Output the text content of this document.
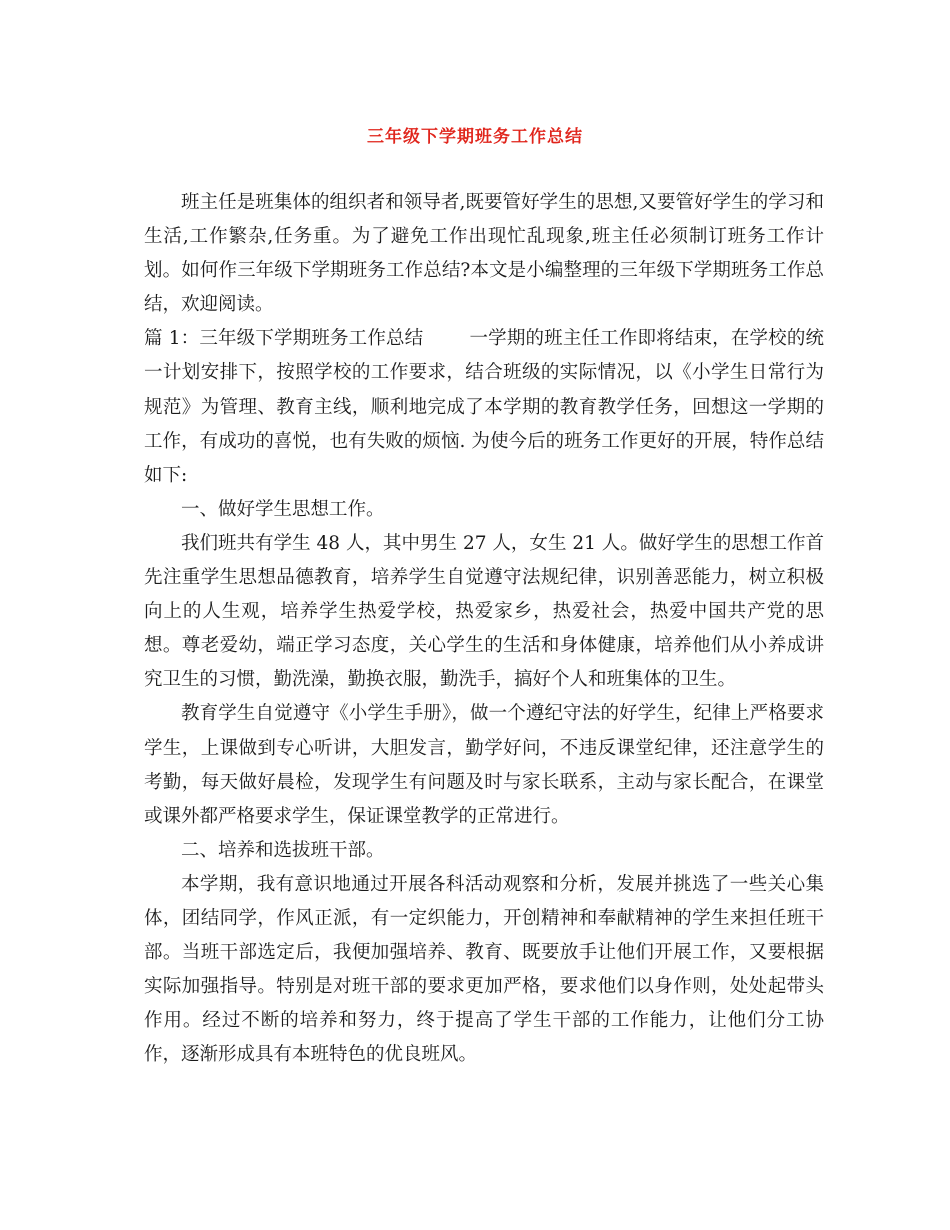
三年级下学期班务工作总结

班主任是班集体的组织者和领导者,既要管好学生的思想,又要管好学生的学习和生活,工作繁杂,任务重。为了避免工作出现忙乱现象,班主任必须制订班务工作计划。如何作三年级下学期班务工作总结?本文是小编整理的三年级下学期班务工作总结，欢迎阅读。

篇 1：三年级下学期班务工作总结 一学期的班主任工作即将结束，在学校的统一计划安排下，按照学校的工作要求，结合班级的实际情况，以《小学生日常行为规范》为管理、教育主线，顺利地完成了本学期的教育教学任务，回想这一学期的工作，有成功的喜悦，也有失败的烦恼. 为使今后的班务工作更好的开展，特作总结如下:

一、做好学生思想工作。

我们班共有学生 48 人，其中男生 27 人，女生 21 人。做好学生的思想工作首先注重学生思想品德教育，培养学生自觉遵守法规纪律，识别善恶能力，树立积极向上的人生观，培养学生热爱学校，热爱家乡，热爱社会，热爱中国共产党的思想。尊老爱幼，端正学习态度，关心学生的生活和身体健康，培养他们从小养成讲究卫生的习惯，勤洗澡，勤换衣服，勤洗手，搞好个人和班集体的卫生。

教育学生自觉遵守《小学生手册》，做一个遵纪守法的好学生，纪律上严格要求学生，上课做到专心听讲，大胆发言，勤学好问，不违反课堂纪律，还注意学生的考勤，每天做好晨检，发现学生有问题及时与家长联系，主动与家长配合，在课堂或课外都严格要求学生，保证课堂教学的正常进行。

二、培养和选拔班干部。

本学期，我有意识地通过开展各科活动观察和分析，发展并挑选了一些关心集体，团结同学，作风正派，有一定织能力，开创精神和奉献精神的学生来担任班干部。当班干部选定后，我便加强培养、教育、既要放手让他们开展工作，又要根据实际加强指导。特别是对班干部的要求更加严格，要求他们以身作则，处处起带头作用。经过不断的培养和努力，终于提高了学生干部的工作能力，让他们分工协作，逐渐形成具有本班特色的优良班风。
